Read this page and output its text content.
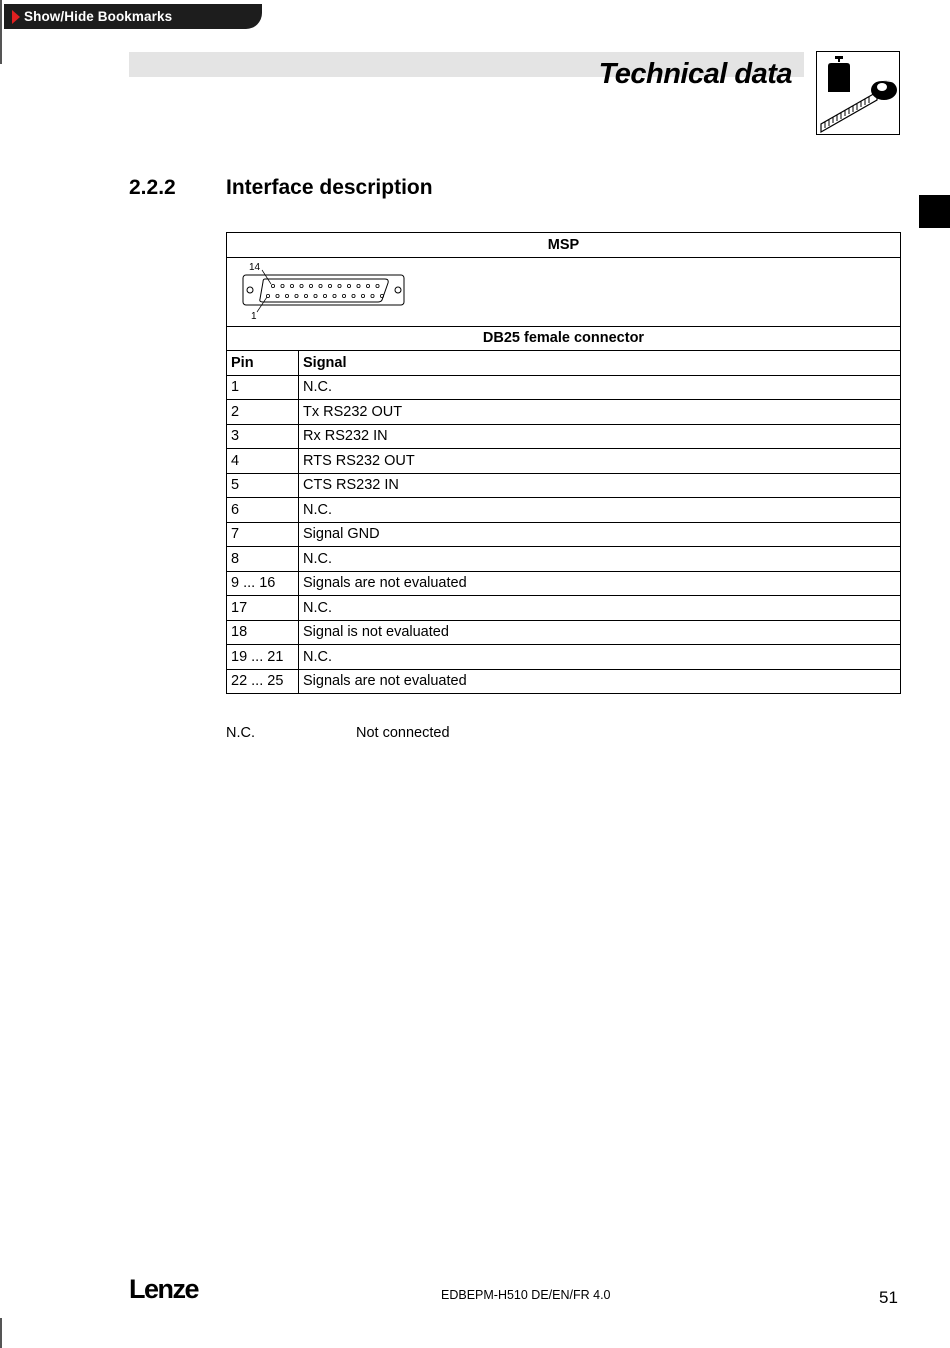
Show/Hide Bookmarks
Technical data
2.2.2 Interface description
MSP	

14
1	

DB25 female connector	
Pin	Signal
1	N.C.
2	Tx RS232 OUT
3	Rx RS232 IN
4	RTS RS232 OUT
5	CTS RS232 IN
6	N.C.
7	Signal GND
8	N.C.
9 ... 16	Signals are not evaluated
17	N.C.
18	Signal is not evaluated
19 ... 21	N.C.
22 ... 25	Signals are not evaluated
N.C.	Not connected
Lenze	EDBEPM-H510 DE/EN/FR 4.0	51
